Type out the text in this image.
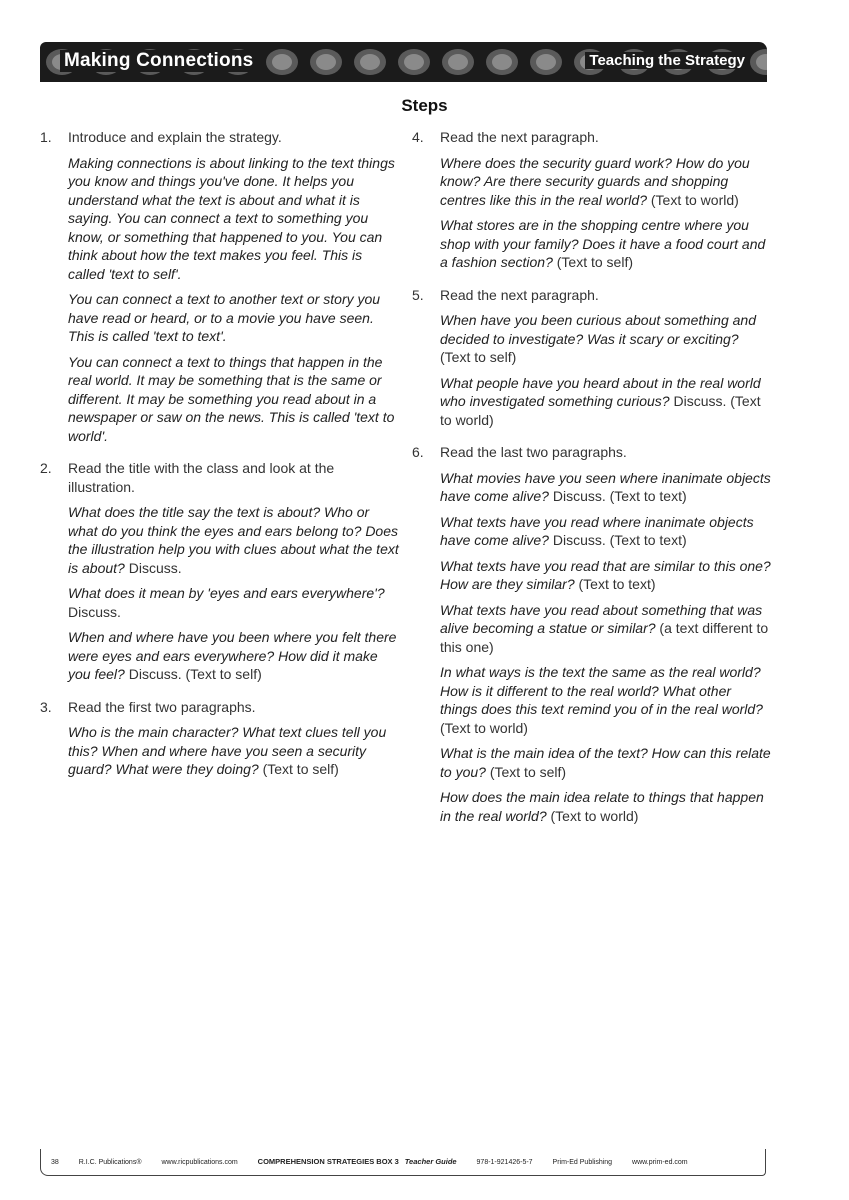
Making Connections	Teaching the Strategy
Steps
1.	Introduce and explain the strategy.
Making connections is about linking to the text things you know and things you've done. It helps you understand what the text is about and what it is saying. You can connect a text to something you know, or something that happened to you. You can think about how the text makes you feel. This is called 'text to self'.
You can connect a text to another text or story you have read or heard, or to a movie you have seen. This is called 'text to text'.
You can connect a text to things that happen in the real world. It may be something that is the same or different. It may be something you read about in a newspaper or saw on the news. This is called 'text to world'.
2.	Read the title with the class and look at the illustration.
What does the title say the text is about? Who or what do you think the eyes and ears belong to? Does the illustration help you with clues about what the text is about? Discuss.
What does it mean by 'eyes and ears everywhere'? Discuss.
When and where have you been where you felt there were eyes and ears everywhere? How did it make you feel? Discuss. (Text to self)
3.	Read the first two paragraphs.
Who is the main character? What text clues tell you this? When and where have you seen a security guard? What were they doing? (Text to self)
4.	Read the next paragraph.
Where does the security guard work? How do you know? Are there security guards and shopping centres like this in the real world? (Text to world)
What stores are in the shopping centre where you shop with your family? Does it have a food court and a fashion section? (Text to self)
5.	Read the next paragraph.
When have you been curious about something and decided to investigate? Was it scary or exciting? (Text to self)
What people have you heard about in the real world who investigated something curious? Discuss. (Text to world)
6.	Read the last two paragraphs.
What movies have you seen where inanimate objects have come alive? Discuss. (Text to text)
What texts have you read where inanimate objects have come alive? Discuss. (Text to text)
What texts have you read that are similar to this one? How are they similar? (Text to text)
What texts have you read about something that was alive becoming a statue or similar? (a text different to this one)
In what ways is the text the same as the real world? How is it different to the real world? What other things does this text remind you of in the real world? (Text to world)
What is the main idea of the text? How can this relate to you? (Text to self)
How does the main idea relate to things that happen in the real world? (Text to world)
38	R.I.C. Publications®	www.ricpublications.com	COMPREHENSION STRATEGIES BOX 3 Teacher Guide	978-1-921426-5-7	Prim-Ed Publishing	www.prim-ed.com
